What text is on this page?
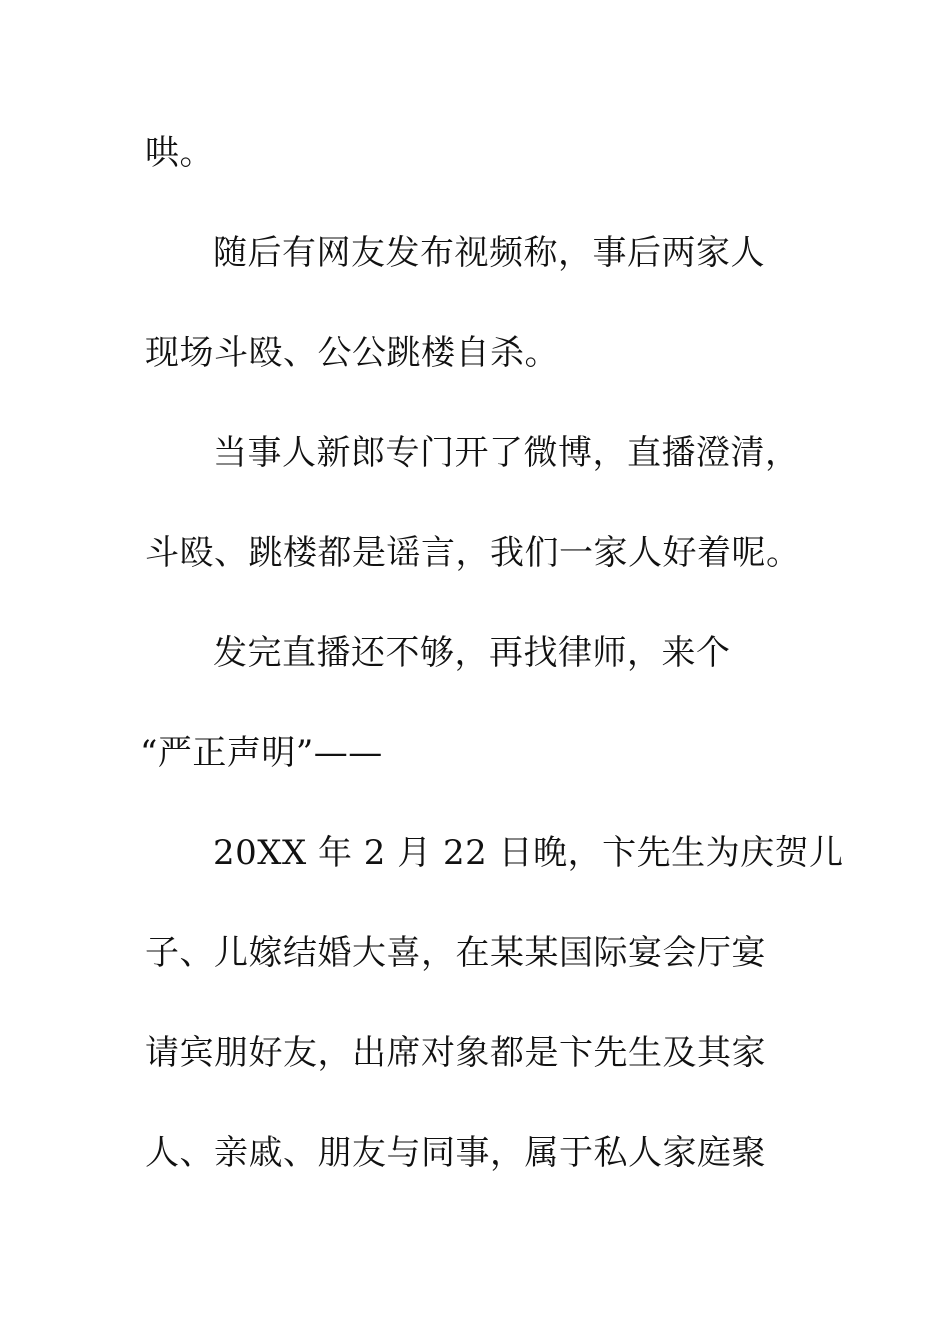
哄。

随后有网友发布视频称，事后两家人

现场斗殴、公公跳楼自杀。

当事人新郎专门开了微博，直播澄清，

斗殴、跳楼都是谣言，我们一家人好着呢。

发完直播还不够，再找律师，来个

“严正声明”——

20XX 年 2 月 22 日晚，卞先生为庆贺儿

子、儿嫁结婚大喜，在某某国际宴会厅宴

请宾朋好友，出席对象都是卞先生及其家

人、亲戚、朋友与同事，属于私人家庭聚
